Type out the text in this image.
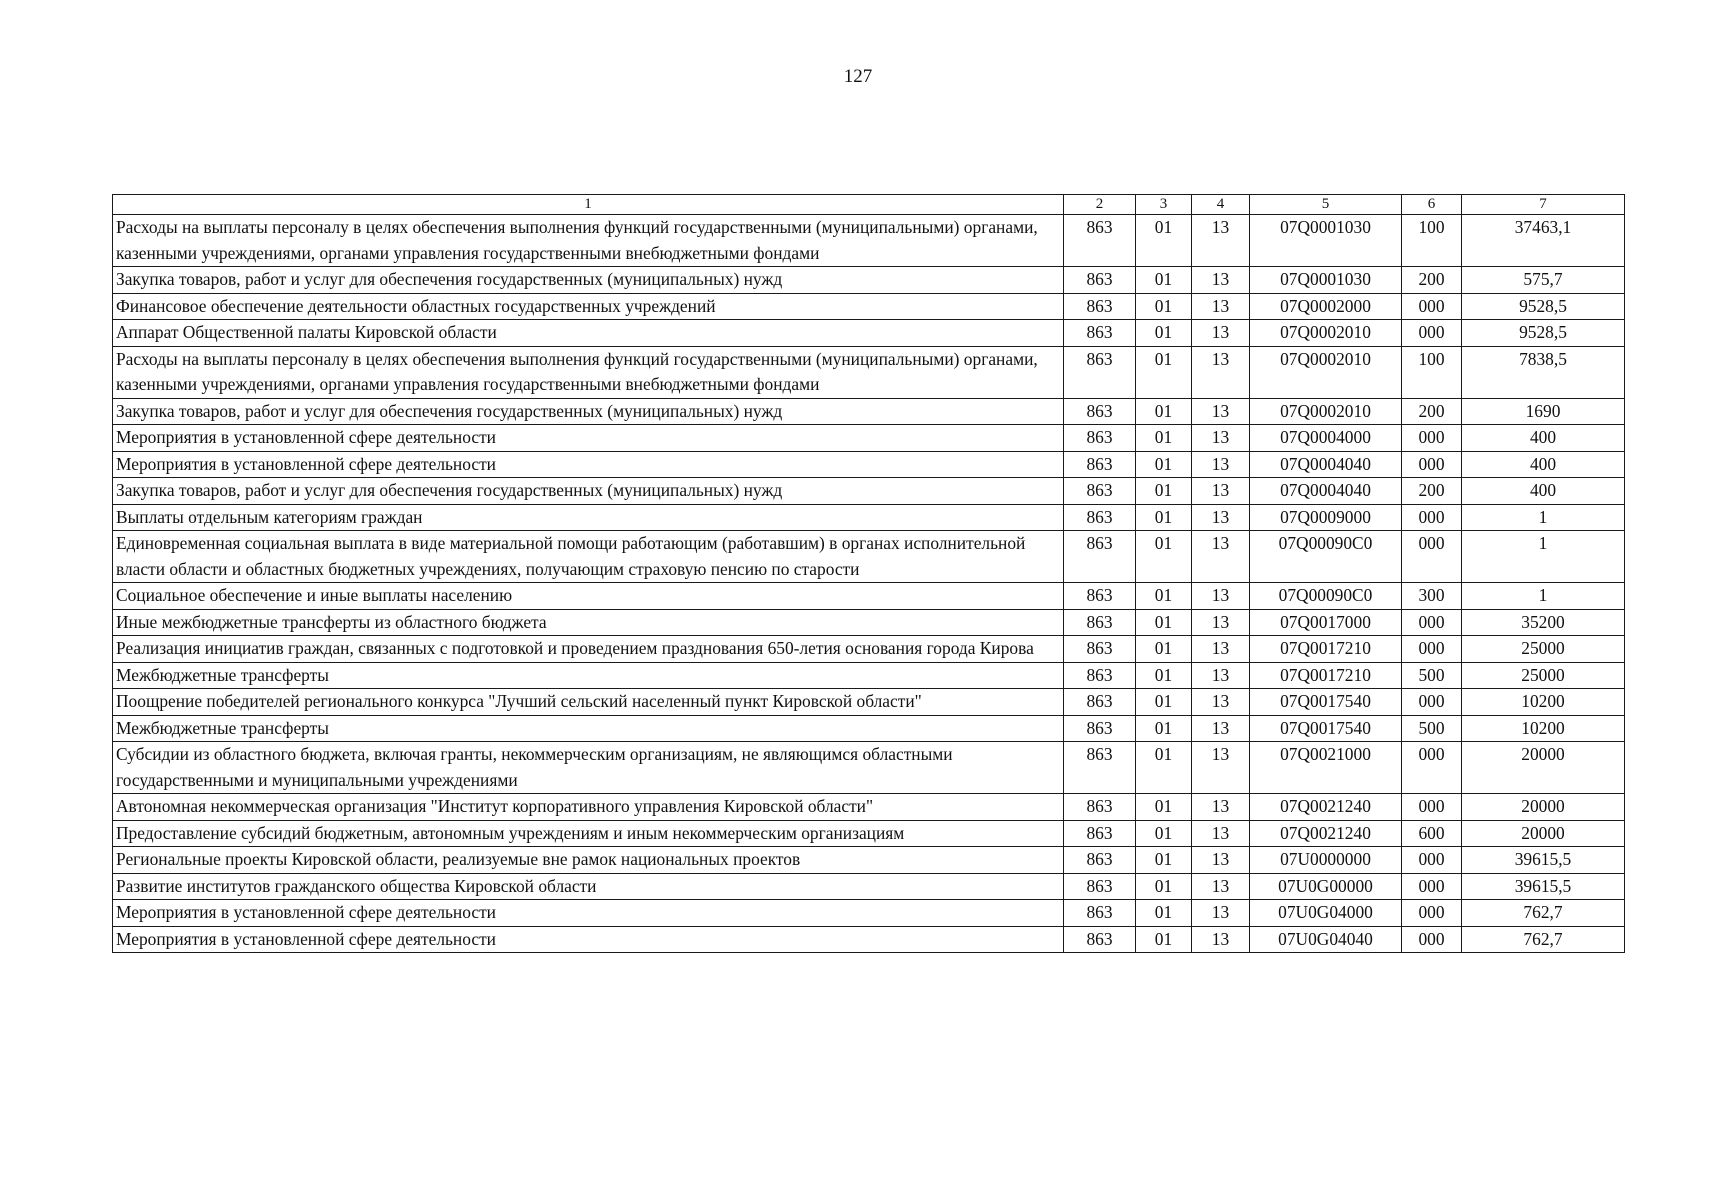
127
1	2	3	4	5	6	7
Расходы на выплаты персоналу в целях обеспечения выполнения функций государственными (муниципальными) органами, казенными учреждениями, органами управления государственными внебюджетными фондами	863	01	13	07Q0001030	100	37463,1
Закупка товаров, работ и услуг для обеспечения государственных (муниципальных) нужд	863	01	13	07Q0001030	200	575,7
Финансовое обеспечение деятельности областных государственных учреждений	863	01	13	07Q0002000	000	9528,5
Аппарат Общественной палаты Кировской области	863	01	13	07Q0002010	000	9528,5
Расходы на выплаты персоналу в целях обеспечения выполнения функций государственными (муниципальными) органами, казенными учреждениями, органами управления государственными внебюджетными фондами	863	01	13	07Q0002010	100	7838,5
Закупка товаров, работ и услуг для обеспечения государственных (муниципальных) нужд	863	01	13	07Q0002010	200	1690
Мероприятия в установленной сфере деятельности	863	01	13	07Q0004000	000	400
Мероприятия в установленной сфере деятельности	863	01	13	07Q0004040	000	400
Закупка товаров, работ и услуг для обеспечения государственных (муниципальных) нужд	863	01	13	07Q0004040	200	400
Выплаты отдельным категориям граждан	863	01	13	07Q0009000	000	1
Единовременная социальная выплата в виде материальной помощи работающим (работавшим) в органах исполнительной власти области и областных бюджетных учреждениях, получающим страховую пенсию по старости	863	01	13	07Q00090C0	000	1
Социальное обеспечение и иные выплаты населению	863	01	13	07Q00090C0	300	1
Иные межбюджетные трансферты из областного бюджета	863	01	13	07Q0017000	000	35200
Реализация инициатив граждан, связанных с подготовкой и проведением празднования 650-летия основания города Кирова	863	01	13	07Q0017210	000	25000
Межбюджетные трансферты	863	01	13	07Q0017210	500	25000
Поощрение победителей регионального конкурса "Лучший сельский населенный пункт Кировской области"	863	01	13	07Q0017540	000	10200
Межбюджетные трансферты	863	01	13	07Q0017540	500	10200
Субсидии из областного бюджета, включая гранты, некоммерческим организациям, не являющимся областными государственными и муниципальными учреждениями	863	01	13	07Q0021000	000	20000
Автономная некоммерческая организация "Институт корпоративного управления Кировской области"	863	01	13	07Q0021240	000	20000
Предоставление субсидий бюджетным, автономным учреждениям и иным некоммерческим организациям	863	01	13	07Q0021240	600	20000
Региональные проекты Кировской области, реализуемые вне рамок национальных проектов	863	01	13	07U0000000	000	39615,5
Развитие институтов гражданского общества Кировской области	863	01	13	07U0G00000	000	39615,5
Мероприятия в установленной сфере деятельности	863	01	13	07U0G04000	000	762,7
Мероприятия в установленной сфере деятельности	863	01	13	07U0G04040	000	762,7
